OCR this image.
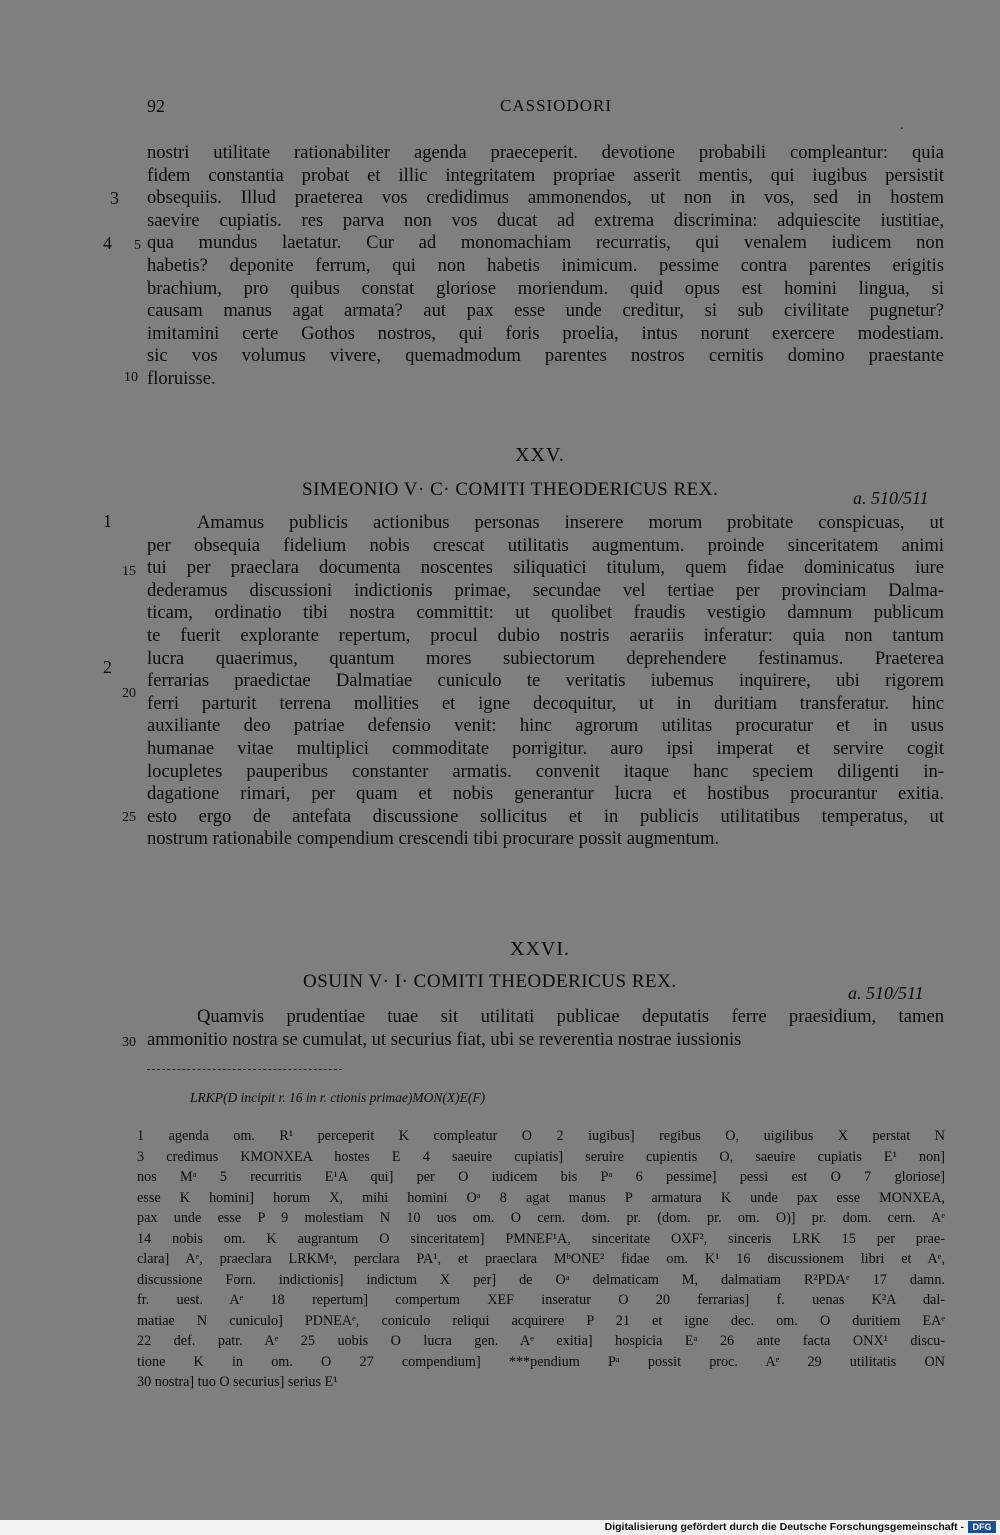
92	CASSIODORI
.
nostri utilitate rationabiliter agenda praeceperit. devotione probabili compleantur: quia
fidem constantia probat et illic integritatem propriae asserit mentis, qui iugibus persistit
obsequiis. Illud praeterea vos credidimus ammonendos, ut non in vos, sed in hostem
saevire cupiatis. res parva non vos ducat ad extrema discrimina: adquiescite iustitiae,
qua mundus laetatur. Cur ad monomachiam recurratis, qui venalem iudicem non
habetis? deponite ferrum, qui non habetis inimicum. pessime contra parentes erigitis
brachium, pro quibus constat gloriose moriendum. quid opus est homini lingua, si
causam manus agat armata? aut pax esse unde creditur, si sub civilitate pugnetur?
imitamini certe Gothos nostros, qui foris proelia, intus norunt exercere modestiam.
sic vos volumus vivere, quemadmodum parentes nostros cernitis domino praestante
floruisse.
3
4	5
10
XXV.
SIMEONIO V· C· COMITI THEODERICUS REX.	a. 510/511
Amamus publicis actionibus personas inserere morum probitate conspicuas, ut
per obsequia fidelium nobis crescat utilitatis augmentum. proinde sinceritatem animi
tui per praeclara documenta noscentes siliquatici titulum, quem fidae dominicatus iure
dederamus discussioni indictionis primae, secundae vel tertiae per provinciam Dalma-
ticam, ordinatio tibi nostra committit: ut quolibet fraudis vestigio damnum publicum
te fuerit explorante repertum, procul dubio nostris aerariis inferatur: quia non tantum
lucra quaerimus, quantum mores subiectorum deprehendere festinamus. Praeterea
ferrarias praedictae Dalmatiae cuniculo te veritatis iubemus inquirere, ubi rigorem
ferri parturit terrena mollities et igne decoquitur, ut in duritiam transferatur. hinc
auxiliante deo patriae defensio venit: hinc agrorum utilitas procuratur et in usus
humanae vitae multiplici commoditate porrigitur. auro ipsi imperat et servire cogit
locupletes pauperibus constanter armatis. convenit itaque hanc speciem diligenti in-
dagatione rimari, per quam et nobis generantur lucra et hostibus procurantur exitia.
esto ergo de antefata discussione sollicitus et in publicis utilitatibus temperatus, ut
nostrum rationabile compendium crescendi tibi procurare possit augmentum.
1
15
2
20
25
XXVI.
OSUIN V· I· COMITI THEODERICUS REX.
a. 510/511
Quamvis prudentiae tuae sit utilitati publicae deputatis ferre praesidium, tamen
ammonitio nostra se cumulat, ut securius fiat, ubi se reverentia nostrae iussionis
30
LRKP(D incipit r. 16 in r. ctionis primae)MON(X)E(F)
1 agenda om. R¹ perceperit K compleatur O 2 iugibus] regibus O, uigilibus X perstat N
3 credimus KMONXEA hostes E 4 saeuire cupiatis] seruire cupientis O, saeuire cupiatis E¹ non]
nos Mᵃ 5 recurritis E¹A qui] per O iudicem bis Pᵃ 6 pessime] pessi est O 7 gloriose]
esse K homini] horum X, mihi homini Oᵃ 8 agat manus P armatura K unde pax esse MONXEA,
pax unde esse P 9 molestiam N 10 uos om. O cern. dom. pr. (dom. pr. om. O)] pr. dom. cern. Aᵉ
14 nobis om. K augrantum O sinceritatem] PMNEF¹A, sinceritate OXF², sinceris LRK 15 per prae-
clara] Aᵉ, praeclara LRKMᵃ, perclara PA¹, et praeclara MᵇONE² fidae om. K¹ 16 discussionem libri et Aᵉ,
discussione Forn. indictionis] indictum X per] de Oᵃ delmaticam M, dalmatiam R²PDAᵉ 17 damn.
fr. uest. Aᵉ 18 repertum] compertum XEF inseratur O 20 ferrarias] f. uenas K²A dal-
matiae N cuniculo] PDNEAᵉ, coniculo reliqui acquirere P 21 et igne dec. om. O duritiem EAᵉ
22 def. patr. Aᵉ 25 uobis O lucra gen. Aᵉ exitia] hospicia Eᵃ 26 ante facta ONX¹ discu-
tione K in om. O 27 compendium] ***pendium Pᵃ possit proc. Aᵉ 29 utilitatis ON
30 nostra] tuo O securius] serius E¹
Digitalisierung gefördert durch die Deutsche Forschungsgemeinschaft - DFG
